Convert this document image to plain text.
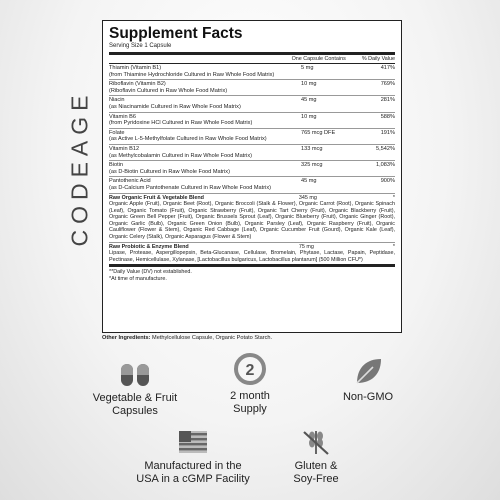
CODEAGE
Supplement Facts
Serving Size 1 Capsule
One Capsule Contains	% Daily Value
Thiamin (Vitamin B1)
(from Thiamine Hydrochloride Cultured in Raw Whole Food Matrix)
5 mg	417%
Riboflavin (Vitamin B2)
(Riboflavin Cultured in Raw Whole Food Matrix)
10 mg	769%
Niacin
(as Niacinamide Cultured in Raw Whole Food Matrix)
45 mg	281%
Vitamin B6
(from Pyridoxine HCl Cultured in Raw Whole Food Matrix)
10 mg	588%
Folate
(as Active L-5-Methylfolate Cultured in Raw Whole Food Matrix)
765 mcg DFE	191%
Vitamin B12
(as Methylcobalamin Cultured in Raw Whole Food Matrix)
133 mcg	5,542%
Biotin
(as D-Biotin Cultured in Raw Whole Food Matrix)
325 mcg	1,083%
Pantothenic Acid
(as D-Calcium Pantothenate Cultured in Raw Whole Food Matrix)
45 mg	900%
Raw Organic Fruit & Vegetable Blend	345 mg	*
Organic Apple (Fruit), Organic Beet (Root), Organic Broccoli (Stalk & Flower), Organic Carrot (Root), Organic Spinach (Leaf), Organic Tomato (Fruit), Organic Strawberry (Fruit), Organic Tart Cherry (Fruit), Organic Blackberry (Fruit), Organic Green Bell Pepper (Fruit), Organic Brussels Sprout (Leaf), Organic Blueberry (Fruit), Organic Ginger (Root), Organic Garlic (Bulb), Organic Green Onion (Bulb), Organic Parsley (Leaf), Organic Raspberry (Fruit), Organic Cauliflower (Flower & Stem), Organic Red Cabbage (Leaf), Organic Cucumber Fruit (Gourd), Organic Kale (Leaf), Organic Celery (Stalk), Organic Asparagus (Flower & Stem)
Raw Probiotic & Enzyme Blend	75 mg	*
Lipase, Protease, Aspergillopepsin, Beta-Glucanase, Cellulase, Bromelain, Phytase, Lactase, Papain, Peptidase, Pectinase, Hemicellulase, Xylanase, [Lactobacillus bulgaricus, Lactobacillus plantarum] (500 Million CFU*)
**Daily Value (DV) not established.
*At time of manufacture.
Other Ingredients: Methylcellulose Capsule, Organic Potato Starch.
Vegetable & Fruit
Capsules
2
2 month
Supply
Non-GMO
Manufactured in the
USA in a cGMP Facility
Gluten &
Soy-Free
